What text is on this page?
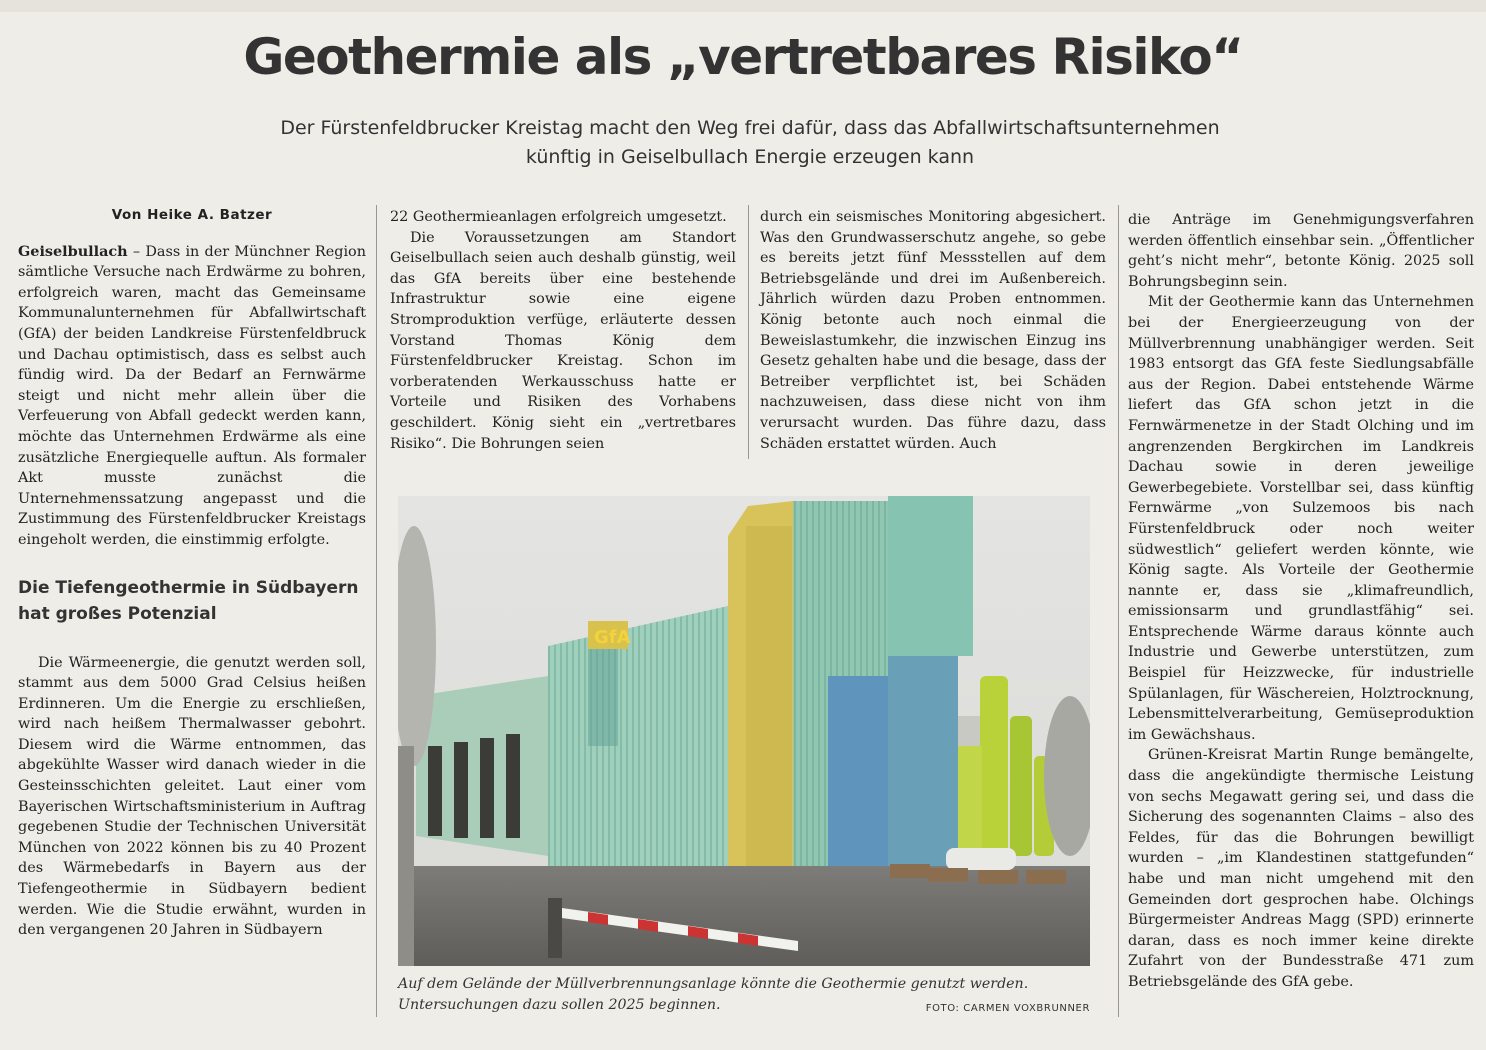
Geothermie als „vertretbares Risiko“
Der Fürstenfeldbrucker Kreistag macht den Weg frei dafür, dass das Abfallwirtschaftsunternehmen künftig in Geiselbullach Energie erzeugen kann
Von Heike A. Batzer

Geiselbullach – Dass in der Münchner Region sämtliche Versuche nach Erdwärme zu bohren, erfolgreich waren, macht das Gemeinsame Kommunalunternehmen für Abfallwirtschaft (GfA) der beiden Landkreise Fürstenfeldbruck und Dachau optimistisch, dass es selbst auch fündig wird. Da der Bedarf an Fernwärme steigt und nicht mehr allein über die Verfeuerung von Abfall gedeckt werden kann, möchte das Unternehmen Erdwärme als eine zusätzliche Energiequelle auftun. Als formaler Akt musste zunächst die Unternehmenssatzung angepasst und die Zustimmung des Fürstenfeldbrucker Kreistags eingeholt werden, die einstimmig erfolgte.

Die Tiefengeothermie in Südbayern hat großes Potenzial

Die Wärmeenergie, die genutzt werden soll, stammt aus dem 5000 Grad Celsius heißen Erdinneren. Um die Energie zu erschließen, wird nach heißem Thermalwasser gebohrt. Diesem wird die Wärme entnommen, das abgekühlte Wasser wird danach wieder in die Gesteinsschichten geleitet. Laut einer vom Bayerischen Wirtschaftsministerium in Auftrag gegebenen Studie der Technischen Universität München von 2022 können bis zu 40 Prozent des Wärmebedarfs in Bayern aus der Tiefengeothermie in Südbayern bedient werden. Wie die Studie erwähnt, wurden in den vergangenen 20 Jahren in Südbayern

22 Geothermieanlagen erfolgreich umgesetzt.

Die Voraussetzungen am Standort Geiselbullach seien auch deshalb günstig, weil das GfA bereits über eine bestehende Infrastruktur sowie eine eigene Stromproduktion verfüge, erläuterte dessen Vorstand Thomas König dem Fürstenfeldbrucker Kreistag. Schon im vorberatenden Werkausschuss hatte er Vorteile und Risiken des Vorhabens geschildert. König sieht ein „vertretbares Risiko“. Die Bohrungen seien

durch ein seismisches Monitoring abgesichert. Was den Grundwasserschutz angehe, so gebe es bereits jetzt fünf Messstellen auf dem Betriebsgelände und drei im Außenbereich. Jährlich würden dazu Proben entnommen. König betonte auch noch einmal die Beweislastumkehr, die inzwischen Einzug ins Gesetz gehalten habe und die besage, dass der Betreiber verpflichtet ist, bei Schäden nachzuweisen, dass diese nicht von ihm verursacht wurden. Das führe dazu, dass Schäden erstattet würden. Auch

die Anträge im Genehmigungsverfahren werden öffentlich einsehbar sein. „Öffentlicher geht’s nicht mehr“, betonte König. 2025 soll Bohrungsbeginn sein.

Mit der Geothermie kann das Unternehmen bei der Energieerzeugung von der Müllverbrennung unabhängiger werden. Seit 1983 entsorgt das GfA feste Siedlungsabfälle aus der Region. Dabei entstehende Wärme liefert das GfA schon jetzt in die Fernwärmenetze in der Stadt Olching und im angrenzenden Bergkirchen im Landkreis Dachau sowie in deren jeweilige Gewerbegebiete. Vorstellbar sei, dass künftig Fernwärme „von Sulzemoos bis nach Fürstenfeldbruck oder noch weiter südwestlich“ geliefert werden könnte, wie König sagte. Als Vorteile der Geothermie nannte er, dass sie „klimafreundlich, emissionsarm und grundlastfähig“ sei. Entsprechende Wärme daraus könnte auch Industrie und Gewerbe unterstützen, zum Beispiel für Heizzwecke, für industrielle Spülanlagen, für Wäschereien, Holztrocknung, Lebensmittelverarbeitung, Gemüseproduktion im Gewächshaus.

Grünen-Kreisrat Martin Runge bemängelte, dass die angekündigte thermische Leistung von sechs Megawatt gering sei, und dass die Sicherung des sogenannten Claims – also des Feldes, für das die Bohrungen bewilligt wurden – „im Klandestinen stattgefunden“ habe und man nicht umgehend mit den Gemeinden dort gesprochen habe. Olchings Bürgermeister Andreas Magg (SPD) erinnerte daran, dass es noch immer keine direkte Zufahrt von der Bundesstraße 471 zum Betriebsgelände des GfA gebe.

GfA
Auf dem Gelände der Müllverbrennungsanlage könnte die Geothermie genutzt werden. Untersuchungen dazu sollen 2025 beginnen.	FOTO: CARMEN VOXBRUNNER
